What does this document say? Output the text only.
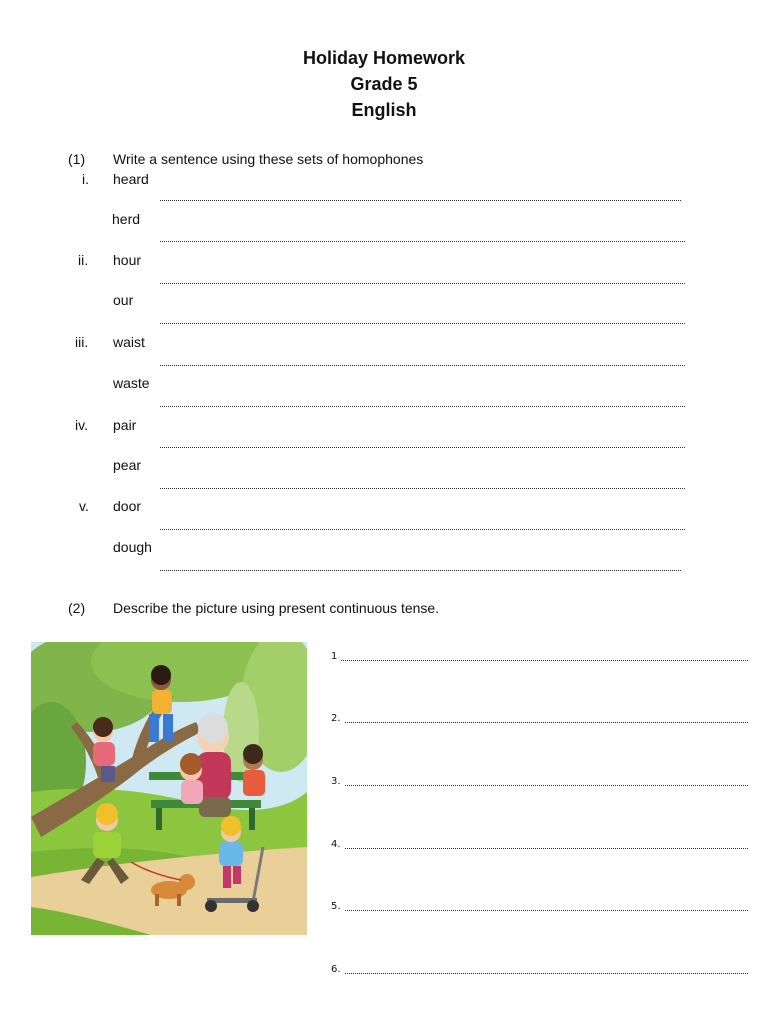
Holiday Homework
Grade 5
English
(1) Write a sentence using these sets of homophones
i. heard
herd
ii. hour
our
iii. waist
waste
iv. pair
pear
v. door
dough
(2) Describe the picture using present continuous tense.
1
2.
3.
4.
5.
6.
